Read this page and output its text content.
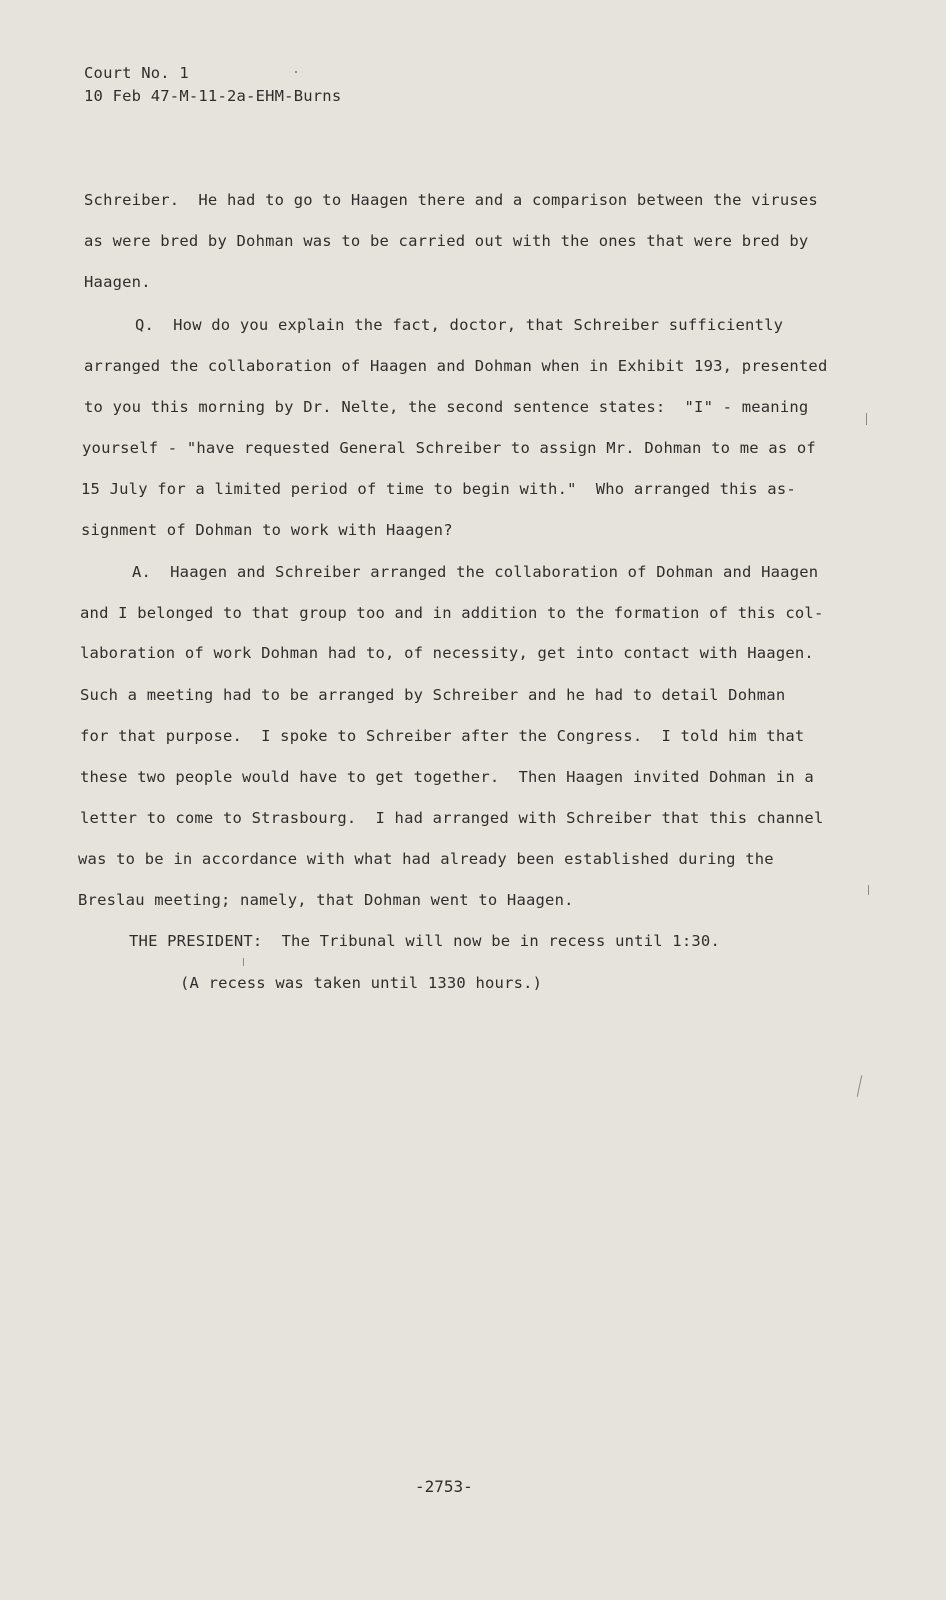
Court No. 1
10 Feb 47-M-11-2a-EHM-Burns
Schreiber.  He had to go to Haagen there and a comparison between the viruses
as were bred by Dohman was to be carried out with the ones that were bred by
Haagen.
Q.  How do you explain the fact, doctor, that Schreiber sufficiently
arranged the collaboration of Haagen and Dohman when in Exhibit 193, presented
to you this morning by Dr. Nelte, the second sentence states:  "I" - meaning
yourself - "have requested General Schreiber to assign Mr. Dohman to me as of
15 July for a limited period of time to begin with."  Who arranged this as-
signment of Dohman to work with Haagen?
A.  Haagen and Schreiber arranged the collaboration of Dohman and Haagen
and I belonged to that group too and in addition to the formation of this col-
laboration of work Dohman had to, of necessity, get into contact with Haagen.
Such a meeting had to be arranged by Schreiber and he had to detail Dohman
for that purpose.  I spoke to Schreiber after the Congress.  I told him that
these two people would have to get together.  Then Haagen invited Dohman in a
letter to come to Strasbourg.  I had arranged with Schreiber that this channel
was to be in accordance with what had already been established during the
Breslau meeting; namely, that Dohman went to Haagen.
THE PRESIDENT:  The Tribunal will now be in recess until 1:30.
(A recess was taken until 1330 hours.)
-2753-
